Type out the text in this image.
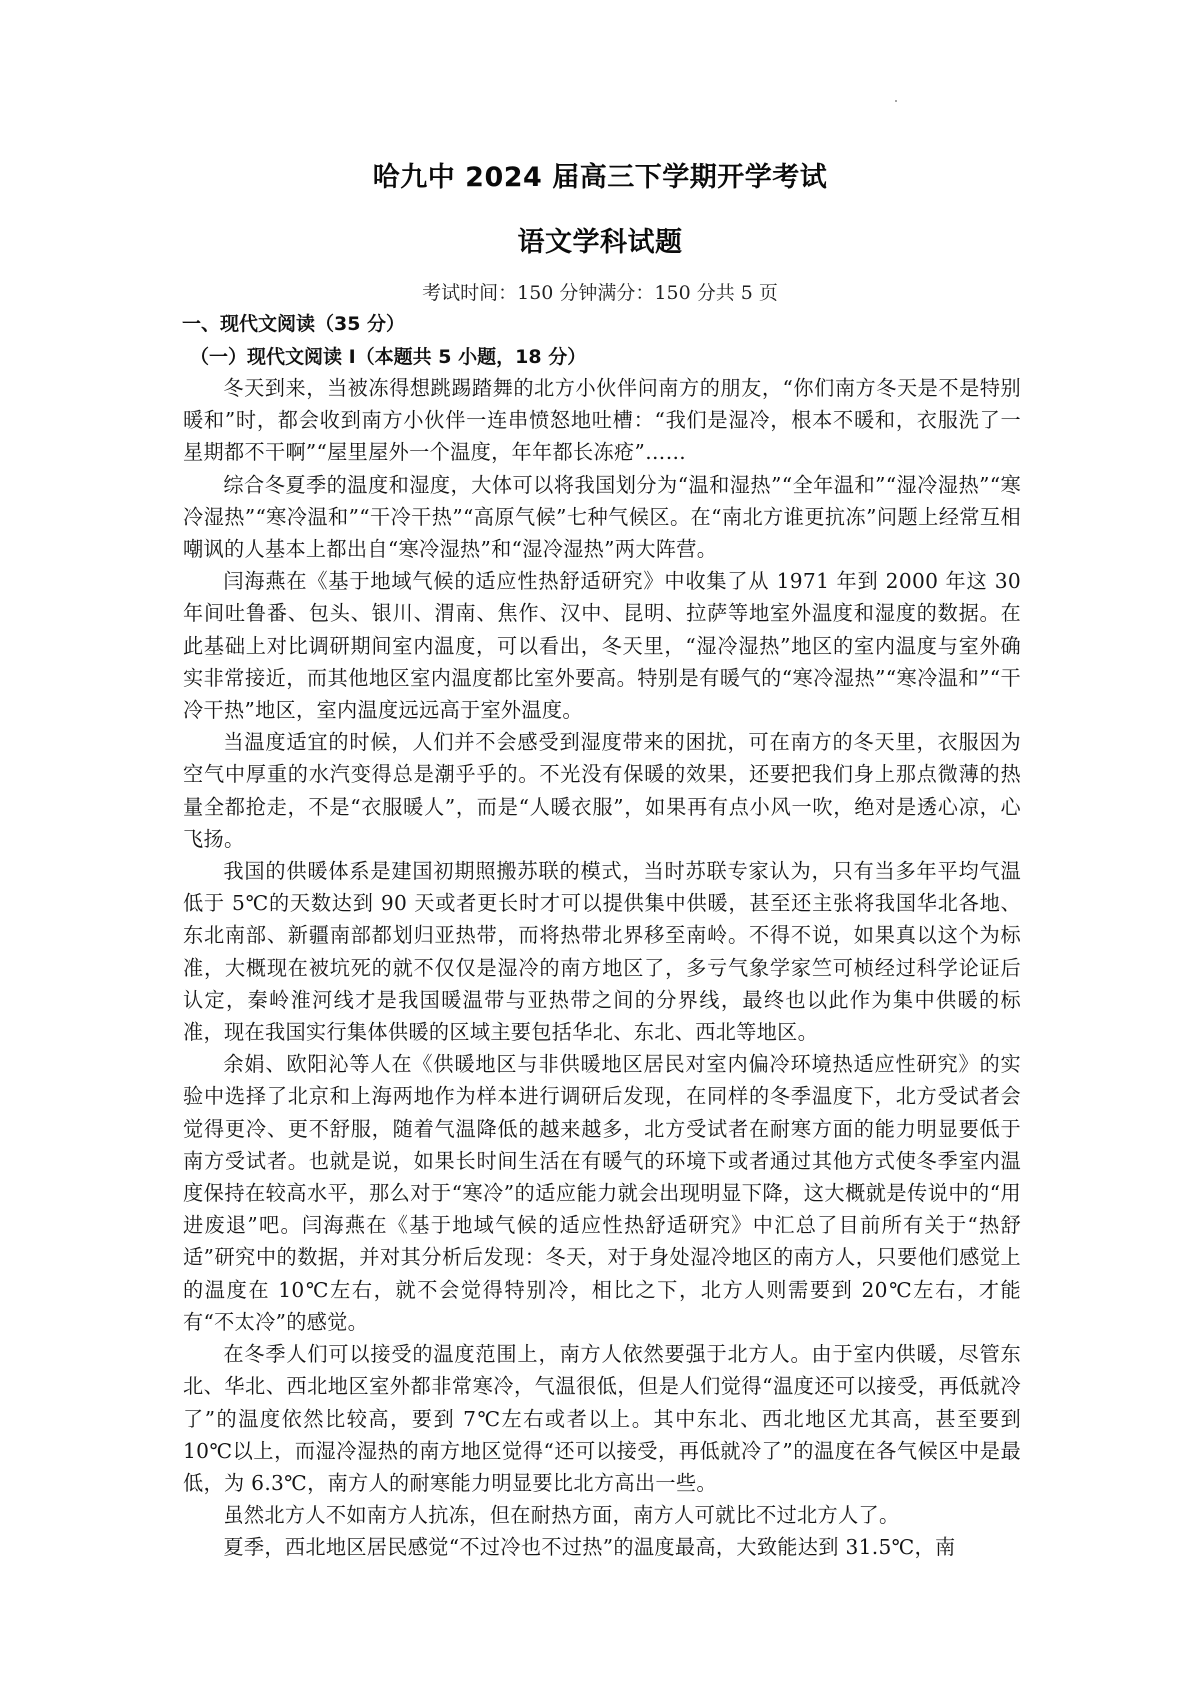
哈九中 2024 届高三下学期开学考试
语文学科试题
考试时间：150 分钟满分：150 分共 5 页
一、现代文阅读（35 分）
（一）现代文阅读 I（本题共 5 小题，18 分）

冬天到来，当被冻得想跳踢踏舞的北方小伙伴问南方的朋友，“你们南方冬天是不是特别暖和”时，都会收到南方小伙伴一连串愤怒地吐槽：“我们是湿冷，根本不暖和，衣服洗了一星期都不干啊”“屋里屋外一个温度，年年都长冻疮”……

综合冬夏季的温度和湿度，大体可以将我国划分为“温和湿热”“全年温和”“湿冷湿热”“寒冷湿热”“寒冷温和”“干冷干热”“高原气候”七种气候区。在“南北方谁更抗冻”问题上经常互相嘲讽的人基本上都出自“寒冷湿热”和“湿冷湿热”两大阵营。

闫海燕在《基于地域气候的适应性热舒适研究》中收集了从 1971 年到 2000 年这 30 年间吐鲁番、包头、银川、渭南、焦作、汉中、昆明、拉萨等地室外温度和湿度的数据。在此基础上对比调研期间室内温度，可以看出，冬天里，“湿冷湿热”地区的室内温度与室外确实非常接近，而其他地区室内温度都比室外要高。特别是有暖气的“寒冷湿热”“寒冷温和”“干冷干热”地区，室内温度远远高于室外温度。

当温度适宜的时候，人们并不会感受到湿度带来的困扰，可在南方的冬天里，衣服因为空气中厚重的水汽变得总是潮乎乎的。不光没有保暖的效果，还要把我们身上那点微薄的热量全都抢走，不是“衣服暖人”，而是“人暖衣服”，如果再有点小风一吹，绝对是透心凉，心飞扬。

我国的供暖体系是建国初期照搬苏联的模式，当时苏联专家认为，只有当多年平均气温低于 5℃的天数达到 90 天或者更长时才可以提供集中供暖，甚至还主张将我国华北各地、东北南部、新疆南部都划归亚热带，而将热带北界移至南岭。不得不说，如果真以这个为标准，大概现在被坑死的就不仅仅是湿冷的南方地区了，多亏气象学家竺可桢经过科学论证后认定，秦岭淮河线才是我国暖温带与亚热带之间的分界线，最终也以此作为集中供暖的标准，现在我国实行集体供暖的区域主要包括华北、东北、西北等地区。

余娟、欧阳沁等人在《供暖地区与非供暖地区居民对室内偏冷环境热适应性研究》的实验中选择了北京和上海两地作为样本进行调研后发现，在同样的冬季温度下，北方受试者会觉得更冷、更不舒服，随着气温降低的越来越多，北方受试者在耐寒方面的能力明显要低于南方受试者。也就是说，如果长时间生活在有暖气的环境下或者通过其他方式使冬季室内温度保持在较高水平，那么对于“寒冷”的适应能力就会出现明显下降，这大概就是传说中的“用进废退”吧。闫海燕在《基于地域气候的适应性热舒适研究》中汇总了目前所有关于“热舒适”研究中的数据，并对其分析后发现：冬天，对于身处湿冷地区的南方人，只要他们感觉上的温度在 10℃左右，就不会觉得特别冷，相比之下，北方人则需要到 20℃左右，才能有“不太冷”的感觉。

在冬季人们可以接受的温度范围上，南方人依然要强于北方人。由于室内供暖，尽管东北、华北、西北地区室外都非常寒冷，气温很低，但是人们觉得“温度还可以接受，再低就冷了”的温度依然比较高，要到 7℃左右或者以上。其中东北、西北地区尤其高，甚至要到 10℃以上，而湿冷湿热的南方地区觉得“还可以接受，再低就冷了”的温度在各气候区中是最低，为 6.3℃，南方人的耐寒能力明显要比北方高出一些。

虽然北方人不如南方人抗冻，但在耐热方面，南方人可就比不过北方人了。

夏季，西北地区居民感觉“不过冷也不过热”的温度最高，大致能达到 31.5℃，南
